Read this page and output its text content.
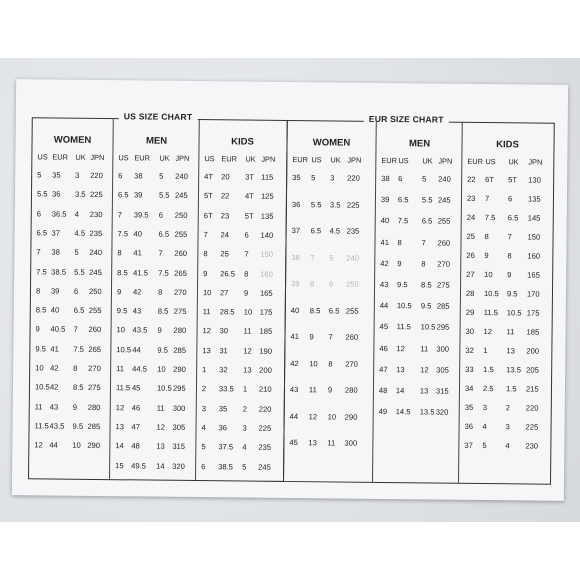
US SIZE CHART
WOMEN
US EUR UK JPN
5 35 3 220
5.5 36 3.5 225
6 36.5 4 230
6.5 37 4.5 235
7 38 5 240
7.5 38.5 5.5 245
8 39 6 250
8.5 40 6.5 255
9 40.5 7 260
9.5 41 7.5 265
10 42 8 270
10.5 42 8.5 275
11 43 9 280
11.5 43.5 9.5 285
12 44 10 290
MEN
US EUR UK JPN
6 38 5 240
6.5 39 5.5 245
7 39.5 6 250
7.5 40 6.5 255
8 41 7 260
8.5 41.5 7.5 265
9 42 8 270
9.5 43 8.5 275
10 43.5 9 280
10.5 44 9.5 285
11 44.5 10 290
11.5 45 10.5 295
12 46 11 300
13 47 12 305
14 48 13 315
15 49.5 14 320
KIDS
US EUR UK JPN
4T 20 3T 115
5T 22 4T 125
6T 23 5T 135
7 24 6 140
8 25 7 150
9 26.5 8 160
10 27 9 165
11 28.5 10 175
12 30 11 185
13 31 12 190
1 32 13 200
2 33.5 1 210
3 35 2 220
4 36 3 225
5 37.5 4 235
6 38.5 5 245
EUR SIZE CHART
WOMEN
EUR US UK JPN
35 5 3 220
36 5.5 3.5 225
37 6.5 4.5 235
38 7 5 240
39 8 6 250
40 8.5 6.5 255
41 9 7 260
42 10 8 270
43 11 9 280
44 12 10 290
45 13 11 300
MEN
EUR US UK JPN
38 6	5 240
39 6.5 5.5 245
40 7.5 6.5 255
41 8	7 260
42 9	8 270
43 9.5 8.5 275
44 10.5 9.5 285
45 11.5 10.5 295
46 12 11 300
47 13 12 305
48 14 13 315
49 14.5 13.5 320
KIDS
EUR US UK JPN
22 6T 5T 130
23 7 6 135
24 7.5 6.5 145
25 8 7 150
26 9 8 160
27 10 9 165
28 10.5 9.5 170
29 11.5 10.5 175
30 12 11 185
32 1 13 200
33 1.5 13.5 205
34 2.5 1.5 215
35 3 2 220
36 4 3 225
37 5 4 230
